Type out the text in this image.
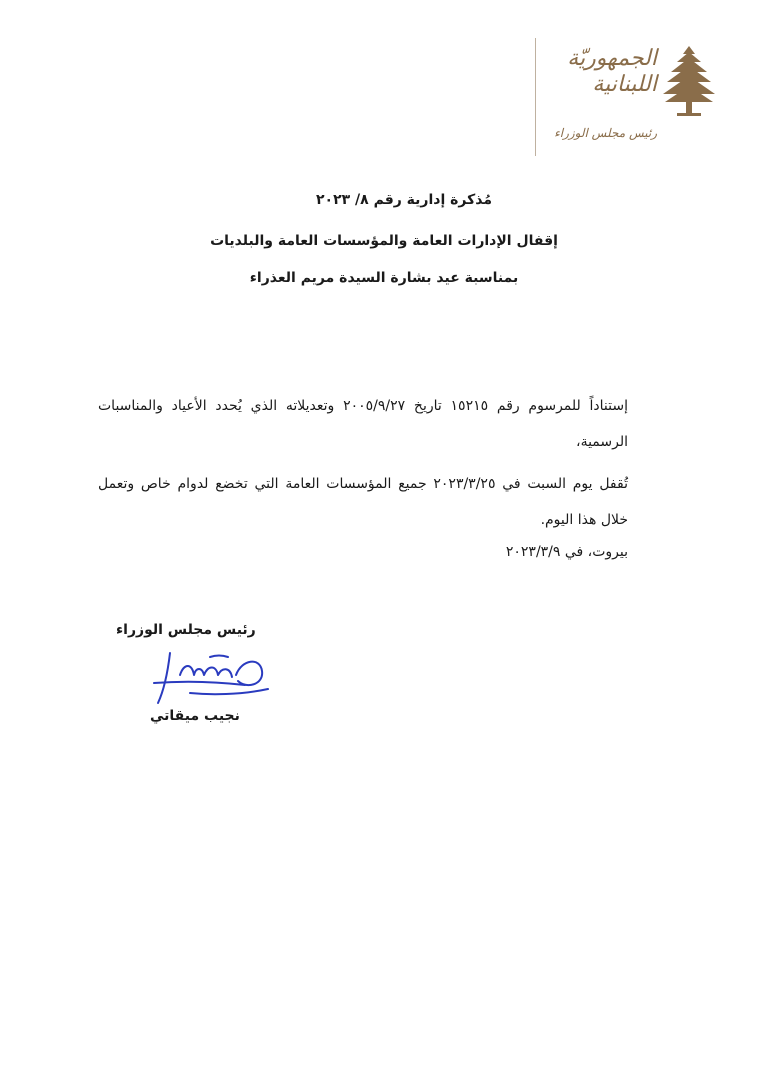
الجمهوريّة
اللبنانية
رئيس مجلس الوزراء
مُذكرة إدارية رقم ٨/ ٢٠٢٣
إقفال الإدارات العامة والمؤسسات العامة والبلديات
بمناسبة عيد بشارة السيدة مريم العذراء
إستناداً للمرسوم رقم ١٥٢١٥ تاريخ ٢٠٠٥/٩/٢٧ وتعديلاته الذي يُحدد الأعياد والمناسبات الرسمية،
تُقفل يوم السبت في ٢٠٢٣/٣/٢٥ جميع المؤسسات العامة التي تخضع لدوام خاص وتعمل خلال هذا اليوم.
بيروت، في ٢٠٢٣/٣/٩
رئيس مجلس الوزراء
نجيب ميقاتي
